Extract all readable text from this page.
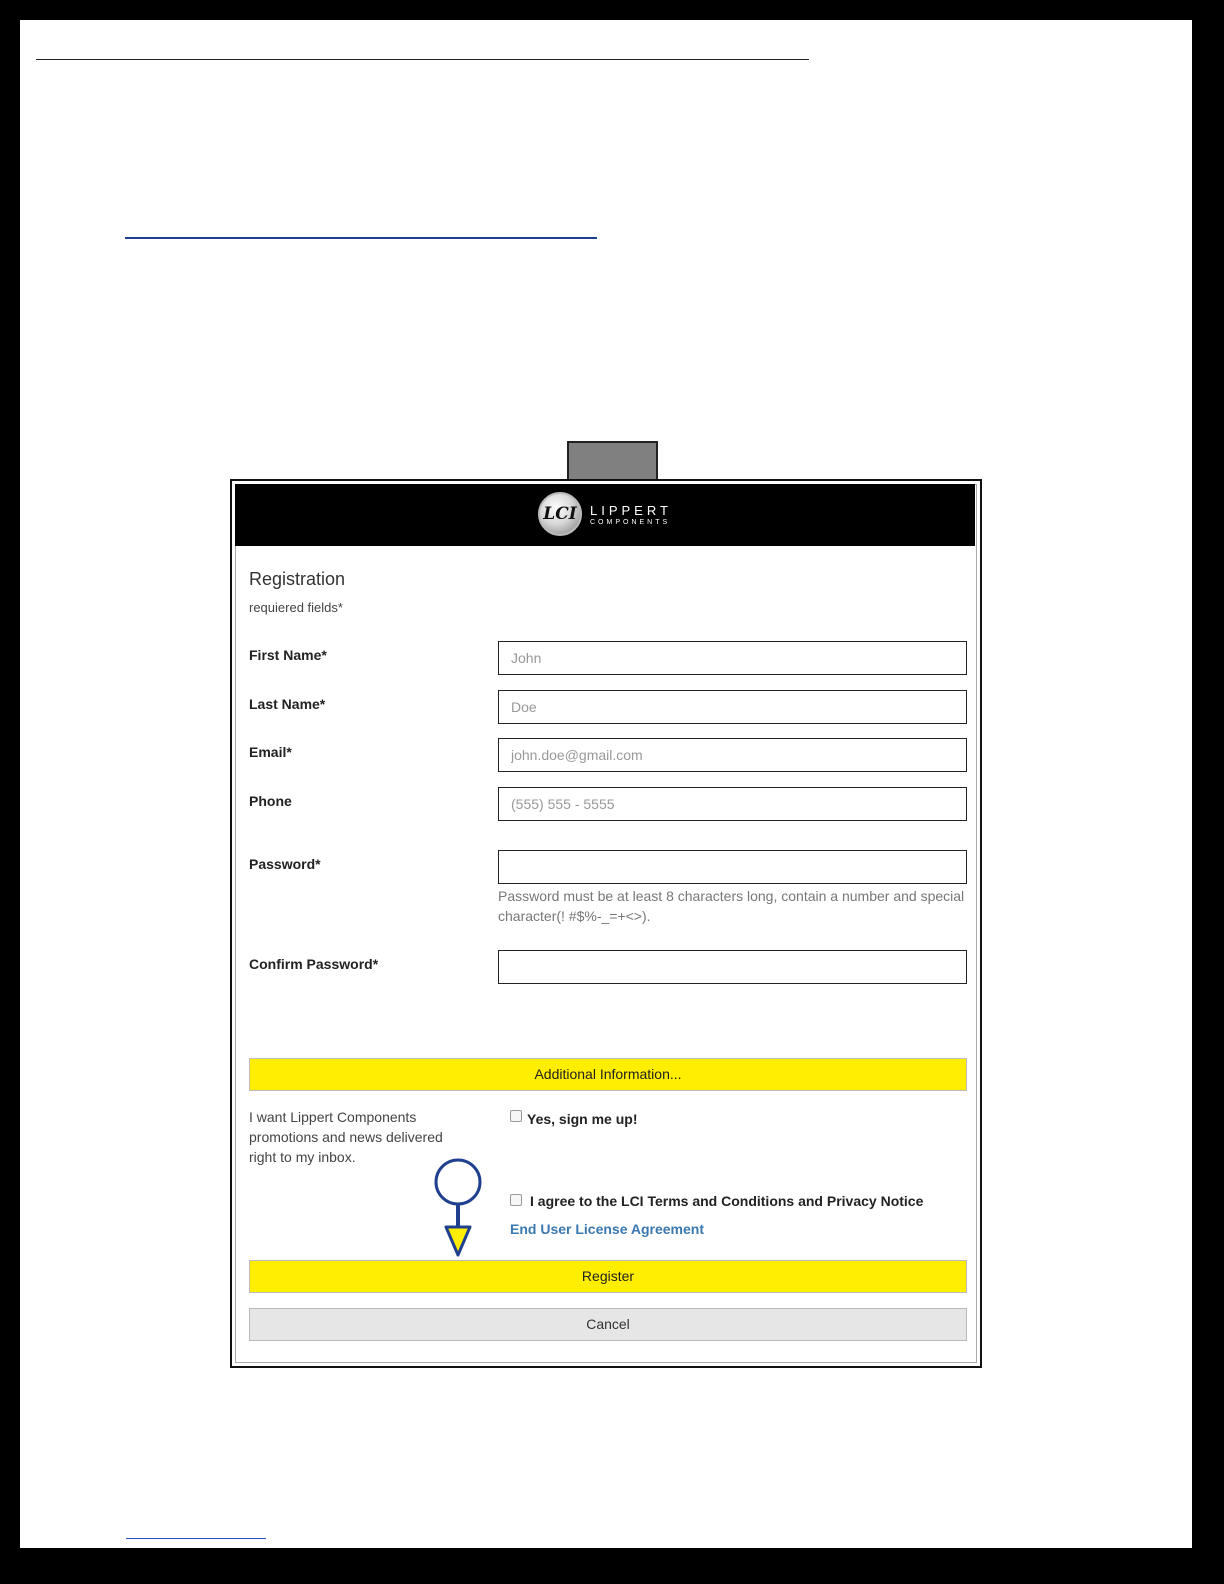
LCI	LIPPERT
COMPONENTS
Registration
requiered fields*
First Name*
John
Last Name*
Doe
Email*
john.doe@gmail.com
Phone
(555) 555 - 5555
Password*
Password must be at least 8 characters long, contain a number and special character(! #$%-_=+<>).
Confirm Password*
Additional Information...
I want Lippert Components promotions and news delivered right to my inbox.
Yes, sign me up!
I agree to the LCI Terms and Conditions and Privacy Notice
End User License Agreement
Register
Cancel
